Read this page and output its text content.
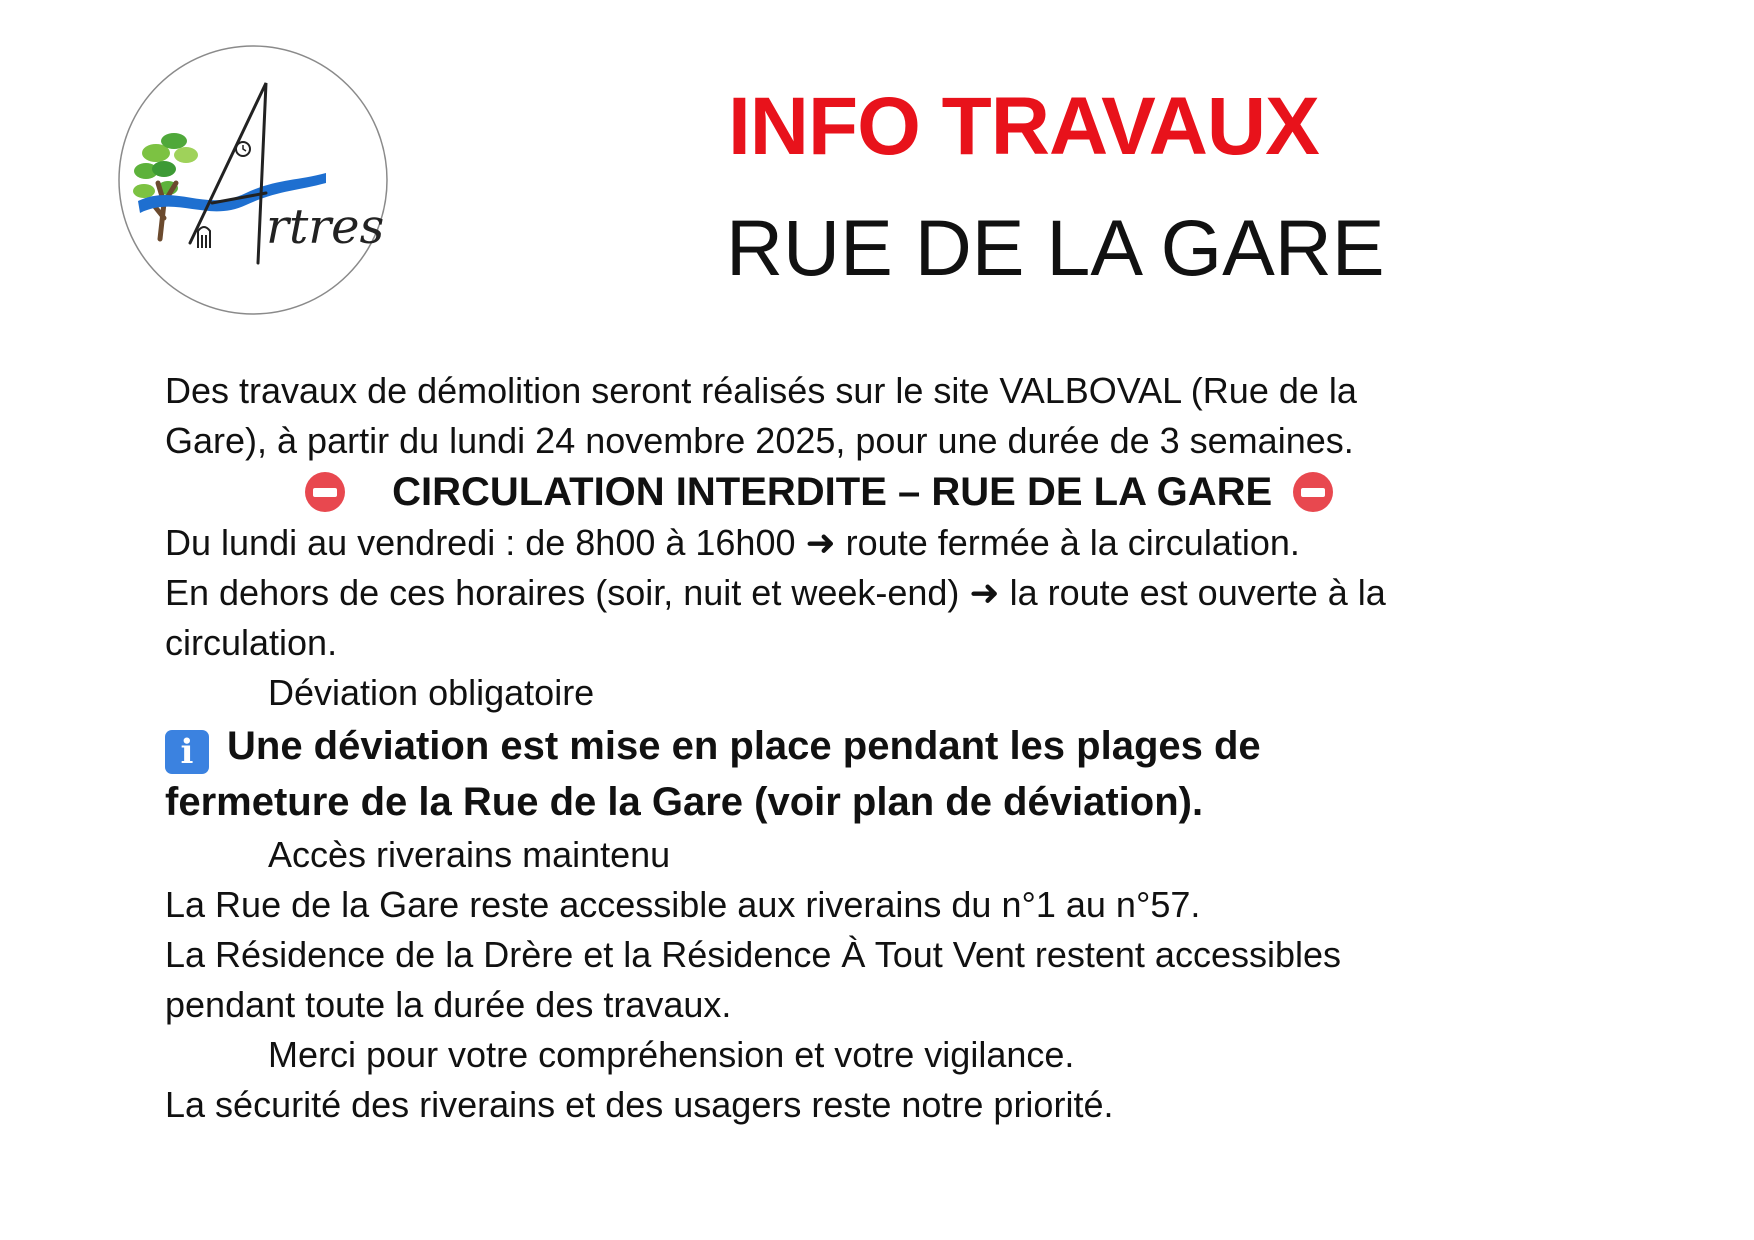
rtres
INFO TRAVAUX
RUE DE LA GARE
Des travaux de démolition seront réalisés sur le site VALBOVAL (Rue de la
Gare), à partir du lundi 24 novembre 2025, pour une durée de 3 semaines.
CIRCULATION INTERDITE – RUE DE LA GARE
Du lundi au vendredi : de 8h00 à 16h00 ➜ route fermée à la circulation.
En dehors de ces horaires (soir, nuit et week-end) ➜ la route est ouverte à la
circulation.
Déviation obligatoire
i Une déviation est mise en place pendant les plages de
fermeture de la Rue de la Gare (voir plan de déviation).
Accès riverains maintenu
La Rue de la Gare reste accessible aux riverains du n°1 au n°57.
La Résidence de la Drère et la Résidence À Tout Vent restent accessibles
pendant toute la durée des travaux.
Merci pour votre compréhension et votre vigilance.
La sécurité des riverains et des usagers reste notre priorité.
